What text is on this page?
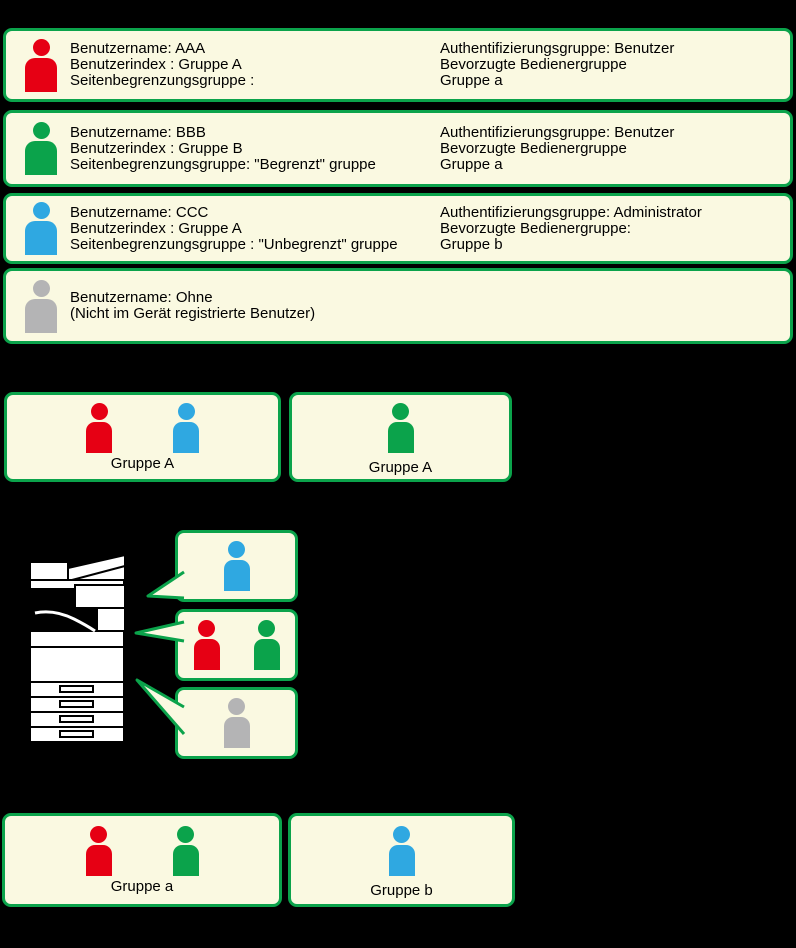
Benutzername: AAA
Benutzerindex : Gruppe A
Seitenbegrenzungsgruppe :
Authentifizierungsgruppe: Benutzer
Bevorzugte Bedienergruppe
Gruppe a
Benutzername: BBB
Benutzerindex : Gruppe B
Seitenbegrenzungsgruppe: "Begrenzt" gruppe
Authentifizierungsgruppe: Benutzer
Bevorzugte Bedienergruppe
Gruppe a
Benutzername: CCC
Benutzerindex : Gruppe A
Seitenbegrenzungsgruppe : "Unbegrenzt" gruppe
Authentifizierungsgruppe: Administrator
Bevorzugte Bedienergruppe:
Gruppe b
Benutzername: Ohne
(Nicht im Gerät registrierte Benutzer)
Gruppe A	Gruppe A
Gruppe a	Gruppe b
